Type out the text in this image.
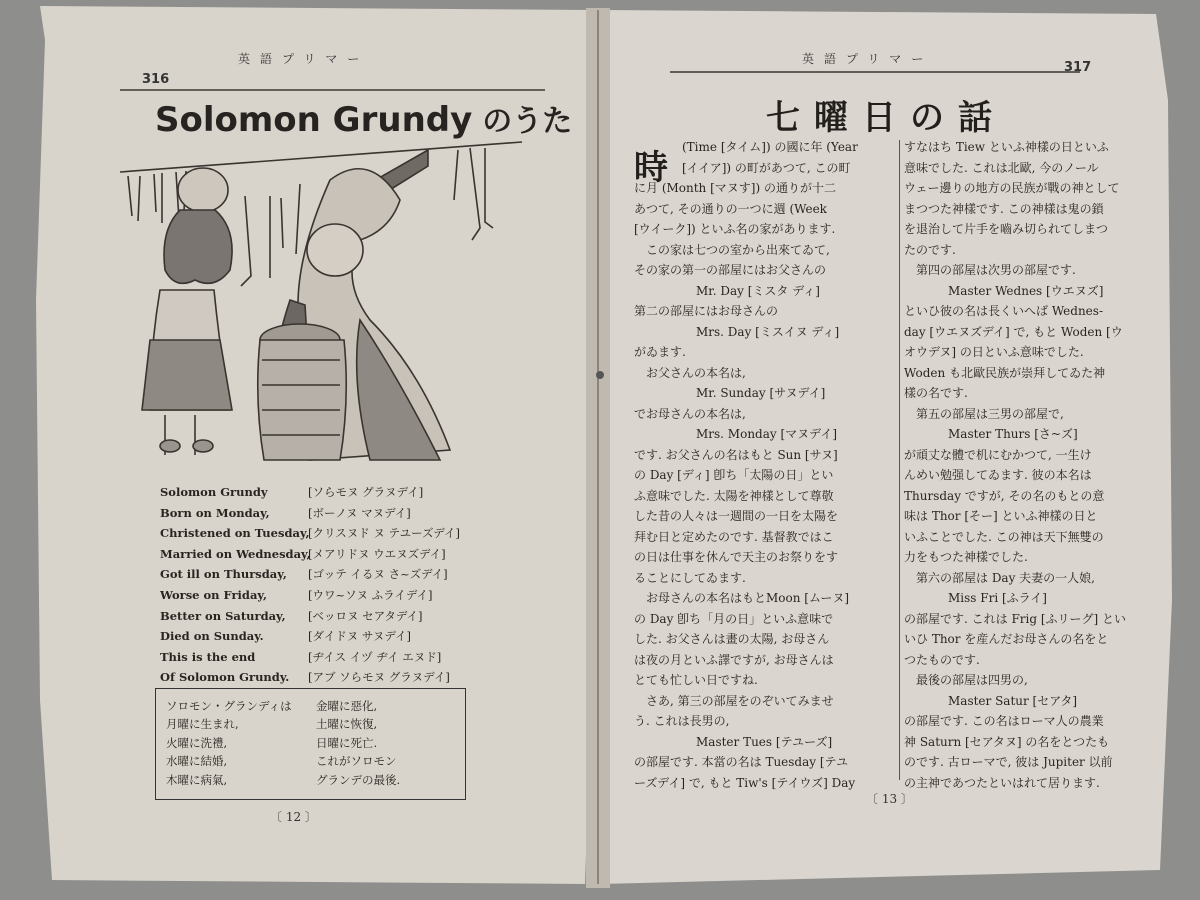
316
英語プリマー
Solomon Grundy のうた
Solomon Grundy
Born on Monday,
Christened on Tuesday,
Married on Wednesday,
Got ill on Thursday,
Worse on Friday,
Better on Saturday,
Died on Sunday.
This is the end
Of Solomon Grundy.
[ソらモヌ グラヌデイ]
[ボーノヌ マヌデイ]
[クリスヌド ヌ テユーズデイ]
[メアリドヌ ウエヌズデイ]
[ゴッテ イるヌ さ~ズデイ]
[ウワ~ソヌ ふライデイ]
[ベッロヌ セアタデイ]
[ダイドヌ サヌデイ]
[ヂイス イヅ ヂイ エヌド]
[アブ ソらモヌ グラヌデイ]
ソロモン・グランディは
月曜に生まれ,
火曜に洗禮,
水曜に結婚,
木曜に病氣,
金曜に惡化,
土曜に恢復,
日曜に死亡.
これがソロモン
グランデの最後.
〔 12 〕
英語プリマー
317
七曜日の話
時
(Time [タイム]) の國に年 (Year
[イイア]) の町があつて, この町
に月 (Month [マヌす]) の通りが十二
あつて, その通りの一つに週 (Week
[ウイーク]) といふ名の家があります.
この家は七つの室から出來てゐて,
その家の第一の部屋にはお父さんの
Mr. Day [ミスタ ディ]
第二の部屋にはお母さんの
Mrs. Day [ミスイヌ ディ]
がゐます.
お父さんの本名は,
Mr. Sunday [サヌデイ]
でお母さんの本名は,
Mrs. Monday [マヌデイ]
です. お父さんの名はもと Sun [サヌ]
の Day [ディ] 卽ち「太陽の日」とい
ふ意味でした. 太陽を神樣として尊敬
した昔の人々は一週間の一日を太陽を
拜む日と定めたのです. 基督教ではこ
の日は仕事を休んで天主のお祭りをす
ることにしてゐます.
お母さんの本名はもとMoon [ムーヌ]
の Day 卽ち「月の日」といふ意味で
した. お父さんは畫の太陽, お母さん
は夜の月といふ譯ですが, お母さんは
とても忙しい日ですね.
さあ, 第三の部屋をのぞいてみませ
う. これは長男の,
Master Tues [テユーズ]
の部屋です. 本當の名は Tuesday [テユ
ーズデイ] で, もと Tiw's [テイウズ] Day
すなはち Tiew といふ神樣の日といふ
意味でした. これは北歐, 今のノール
ウェー邊りの地方の民族が戰の神として
まつつた神樣です. この神樣は鬼の鎖
を退治して片手を嚙み切られてしまつ
たのです.
第四の部屋は次男の部屋です.
Master Wednes [ウエヌズ]
といひ彼の名は長くいへば Wednes-
day [ウエヌズデイ] で, もと Woden [ウ
オウデヌ] の日といふ意味でした.
Woden も北歐民族が崇拜してゐた神
樣の名です.
第五の部屋は三男の部屋で,
Master Thurs [さ~ズ]
が頑丈な體で机にむかつて, 一生け
んめい勉强してゐます. 彼の本名は
Thursday ですが, その名のもとの意
味は Thor [そー] といふ神樣の日と
いふことでした. この神は天下無雙の
力をもつた神樣でした.
第六の部屋は Day 夫妻の一人娘,
Miss Fri [ふライ]
の部屋です. これは Frig [ふリーグ] とい
いひ Thor を産んだお母さんの名をと
つたものです.
最後の部屋は四男の,
Master Satur [セアタ]
の部屋です. この名はローマ人の農業
神 Saturn [セアタヌ] の名をとつたも
のです. 古ローマで, 彼は Jupiter 以前
の主神であつたといはれて居ります.
〔 13 〕
